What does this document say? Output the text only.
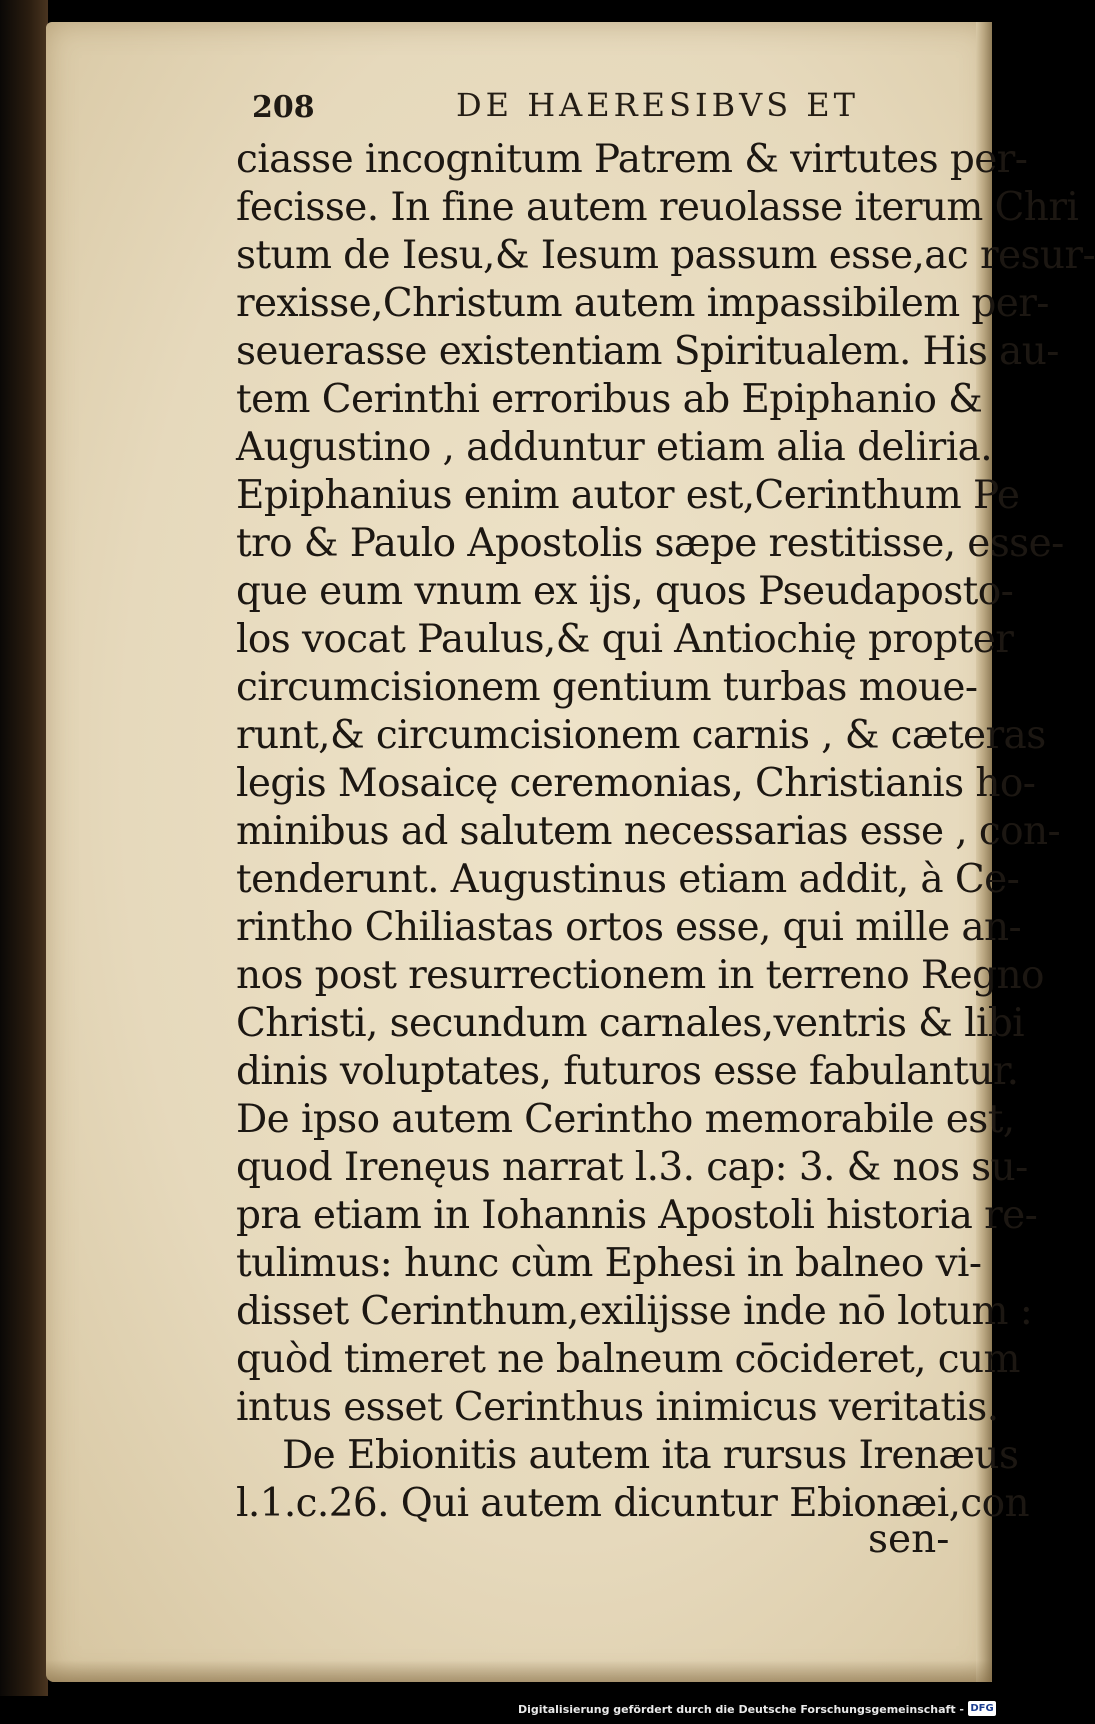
208	DE HAERESIBVS ET
ciasse incognitum Patrem & virtutes per-
fecisse. In fine autem reuolasse iterum Chri
stum de Iesu,& Iesum passum esse,ac resur-
rexisse,Christum autem impassibilem per-
seuerasse existentiam Spiritualem. His au-
tem Cerinthi erroribus ab Epiphanio &
Augustino , adduntur etiam alia deliria.
Epiphanius enim autor est,Cerinthum Pe
tro & Paulo Apostolis sæpe restitisse, esse-
que eum vnum ex ijs, quos Pseudaposto-
los vocat Paulus,& qui Antiochię propter
circumcisionem gentium turbas moue-
runt,& circumcisionem carnis , & cæteras
legis Mosaicę ceremonias, Christianis ho-
minibus ad salutem necessarias esse , con-
tenderunt. Augustinus etiam addit, à Ce-
rintho Chiliastas ortos esse, qui mille an-
nos post resurrectionem in terreno Regno
Christi, secundum carnales,ventris & libi
dinis voluptates, futuros esse fabulantur.
De ipso autem Cerintho memorabile est,
quod Irenęus narrat l.3. cap: 3. & nos su-
pra etiam in Iohannis Apostoli historia re-
tulimus: hunc cùm Ephesi in balneo vi-
disset Cerinthum,exilijsse inde nō lotum :
quòd timeret ne balneum cōcideret, cum
intus esset Cerinthus inimicus veritatis.
De Ebionitis autem ita rursus Irenæus
l.1.c.26. Qui autem dicuntur Ebionæi,con
sen-
Digitalisierung gefördert durch die Deutsche Forschungsgemeinschaft - DFG
